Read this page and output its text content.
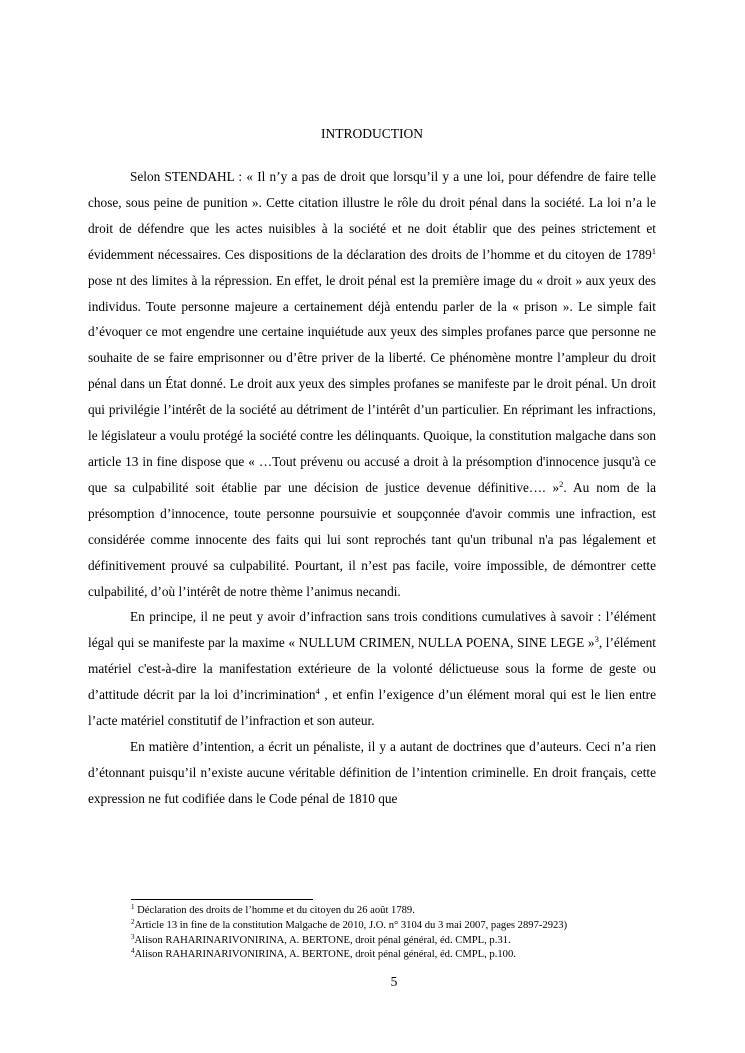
INTRODUCTION

Selon STENDAHL : « Il n’y a pas de droit que lorsqu’il y a une loi, pour défendre de faire telle chose, sous peine de punition ». Cette citation illustre le rôle du droit pénal dans la société. La loi n’a le droit de défendre que les actes nuisibles à la société et ne doit établir que des peines strictement et évidemment nécessaires. Ces dispositions de la déclaration des droits de l’homme et du citoyen de 1789$^1$ pose nt des limites à la répression. En effet, le droit pénal est la première image du « droit » aux yeux des individus. Toute personne majeure a certainement déjà entendu parler de la « prison ». Le simple fait d’évoquer ce mot engendre une certaine inquiétude aux yeux des simples profanes parce que personne ne souhaite de se faire emprisonner ou d’être priver de la liberté. Ce phénomène montre l’ampleur du droit pénal dans un État donné. Le droit aux yeux des simples profanes se manifeste par le droit pénal. Un droit qui privilégie l’intérêt de la société au détriment de l’intérêt d’un particulier. En réprimant les infractions, le législateur a voulu protégé la société contre les délinquants. Quoique, la constitution malgache dans son article 13 in fine dispose que « …Tout prévenu ou accusé a droit à la présomption d'innocence jusqu'à ce que sa culpabilité soit établie par une décision de justice devenue définitive…. »$^2$. Au nom de la présomption d’innocence, toute personne poursuivie et soupçonnée d'avoir commis une infraction, est considérée comme innocente des faits qui lui sont reprochés tant qu'un tribunal n'a pas légalement et définitivement prouvé sa culpabilité. Pourtant, il n’est pas facile, voire impossible, de démontrer cette culpabilité, d’où l’intérêt de notre thème l’animus necandi.

En principe, il ne peut y avoir d’infraction sans trois conditions cumulatives à savoir : l’élément légal qui se manifeste par la maxime « NULLUM CRIMEN, NULLA POENA, SINE LEGE »$^3$, l’élément matériel c'est-à-dire la manifestation extérieure de la volonté délictueuse sous la forme de geste ou d’attitude décrit par la loi d’incrimination$^4$ , et enfin l’exigence d’un élément moral qui est le lien entre l’acte matériel constitutif de l’infraction et son auteur.

En matière d’intention, a écrit un pénaliste, il y a autant de doctrines que d’auteurs. Ceci n’a rien d’étonnant puisqu’il n’existe aucune véritable définition de l’intention criminelle. En droit français, cette expression ne fut codifiée dans le Code pénal de 1810 que

$^1$ Déclaration des droits de l’homme et du citoyen du 26 août 1789.
$^2$Article 13 in fine de la constitution Malgache de 2010, J.O. n° 3104 du 3 mai 2007, pages 2897-2923)
$^3$Alison RAHARINARIVONIRINA, A. BERTONE, droit pénal général, éd. CMPL, p.31.
$^4$Alison RAHARINARIVONIRINA, A. BERTONE, droit pénal général, éd. CMPL, p.100.
5
